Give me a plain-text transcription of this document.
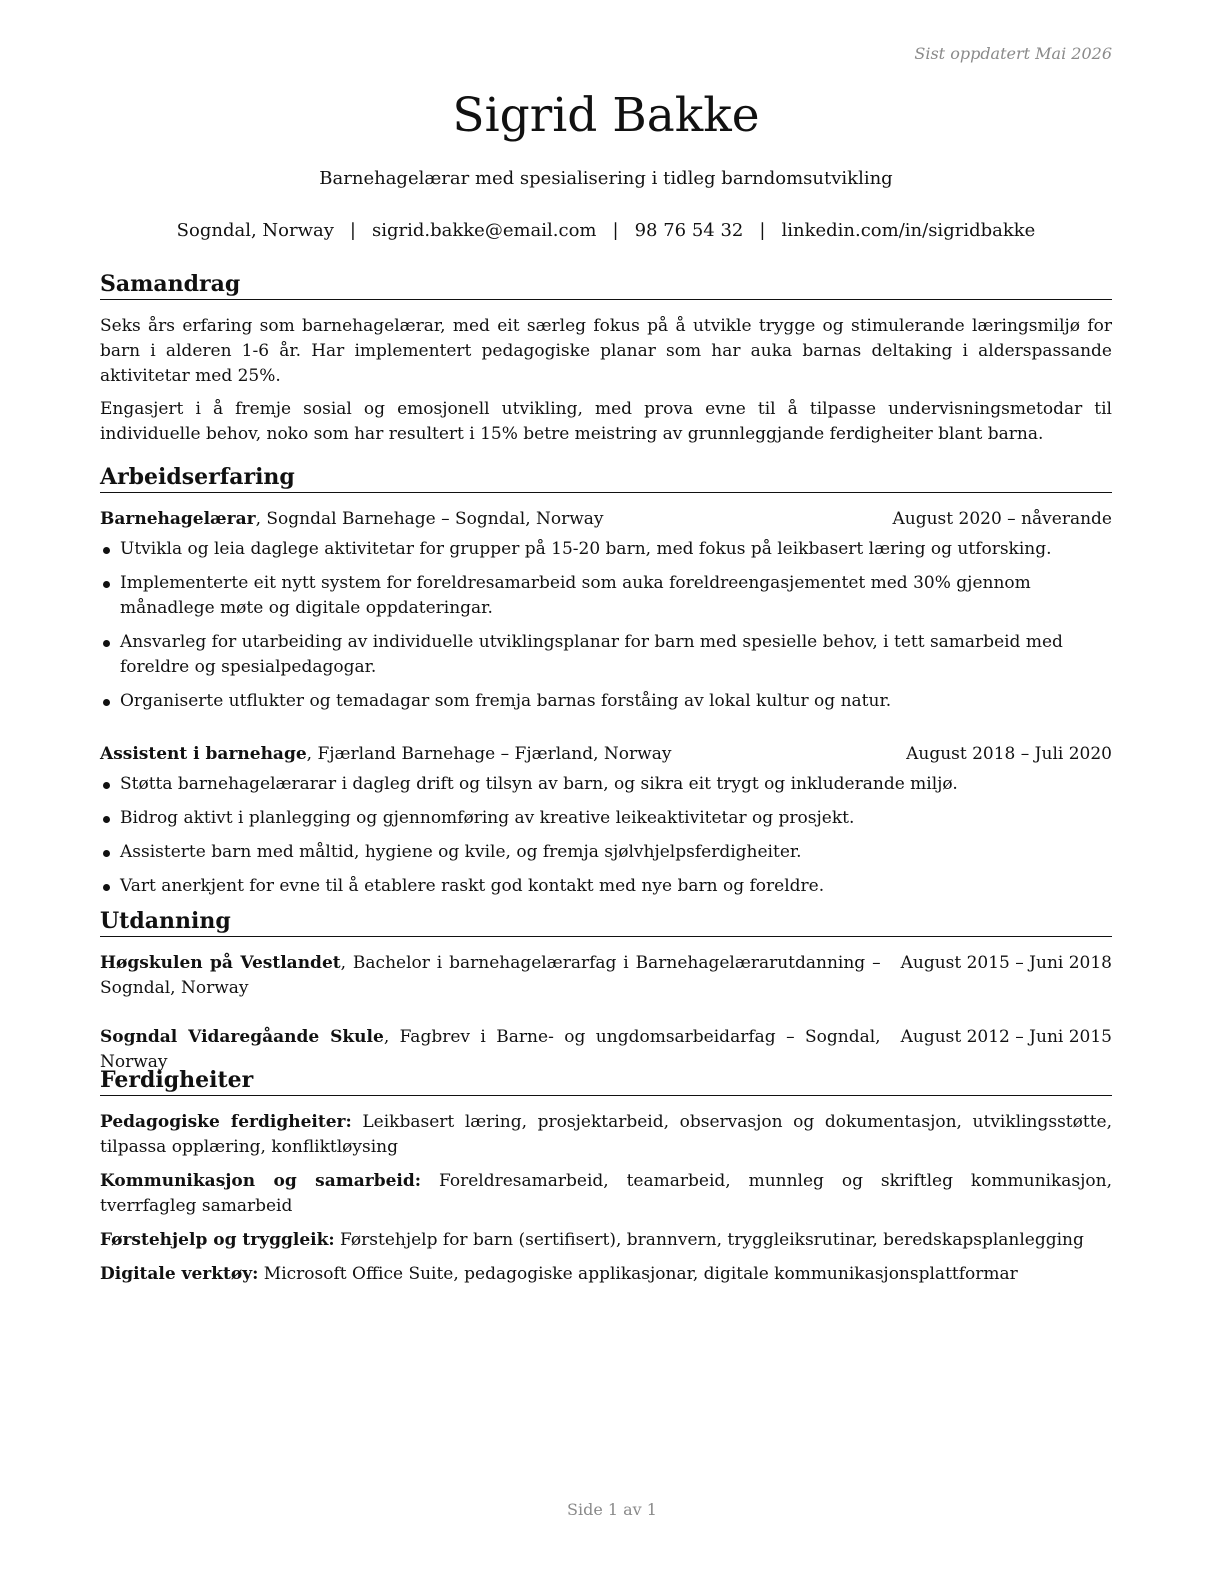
Sist oppdatert Mai 2026
Sigrid Bakke
Barnehagelærar med spesialisering i tidleg barndomsutvikling
Sogndal, Norway | sigrid.bakke@email.com | 98 76 54 32 | linkedin.com/in/sigridbakke
Samandrag

Seks års erfaring som barnehagelærar, med eit særleg fokus på å utvikle trygge og stimulerande læringsmiljø for barn i alderen 1-6 år. Har implementert pedagogiske planar som har auka barnas deltaking i alderspassande aktivitetar med 25%.

Engasjert i å fremje sosial og emosjonell utvikling, med prova evne til å tilpasse undervisningsmetodar til individuelle behov, noko som har resultert i 15% betre meistring av grunnleggjande ferdigheiter blant barna.

Arbeidserfaring
Barnehagelærar, Sogndal Barnehage – Sogndal, Norway	August 2020 – nåverande
Utvikla og leia daglege aktivitetar for grupper på 15-20 barn, med fokus på leikbasert læring og utforsking.
Implementerte eit nytt system for foreldresamarbeid som auka foreldreengasjementet med 30% gjennom månadlege møte og digitale oppdateringar.
Ansvarleg for utarbeiding av individuelle utviklingsplanar for barn med spesielle behov, i tett samarbeid med foreldre og spesialpedagogar.
Organiserte utflukter og temadagar som fremja barnas forståing av lokal kultur og natur.
Assistent i barnehage, Fjærland Barnehage – Fjærland, Norway	August 2018 – Juli 2020
Støtta barnehagelærarar i dagleg drift og tilsyn av barn, og sikra eit trygt og inkluderande miljø.
Bidrog aktivt i planlegging og gjennomføring av kreative leikeaktivitetar og prosjekt.
Assisterte barn med måltid, hygiene og kvile, og fremja sjølvhjelpsferdigheiter.
Vart anerkjent for evne til å etablere raskt god kontakt med nye barn og foreldre.
Utdanning
Høgskulen på Vestlandet, Bachelor i barnehagelærarfag i Barnehagelærarutdanning – Sogndal, Norway
August 2015 – Juni 2018
Sogndal Vidaregåande Skule, Fagbrev i Barne- og ungdomsarbeidarfag – Sogndal, Norway
August 2012 – Juni 2015
Ferdigheiter

Pedagogiske ferdigheiter: Leikbasert læring, prosjektarbeid, observasjon og dokumentasjon, utviklingsstøtte, tilpassa opplæring, konfliktløysing

Kommunikasjon og samarbeid: Foreldresamarbeid, teamarbeid, munnleg og skriftleg kommunikasjon, tverrfagleg samarbeid

Førstehjelp og tryggleik: Førstehjelp for barn (sertifisert), brannvern, tryggleiksrutinar, beredskapsplanlegging

Digitale verktøy: Microsoft Office Suite, pedagogiske applikasjonar, digitale kommunikasjonsplattformar

Side 1 av 1
